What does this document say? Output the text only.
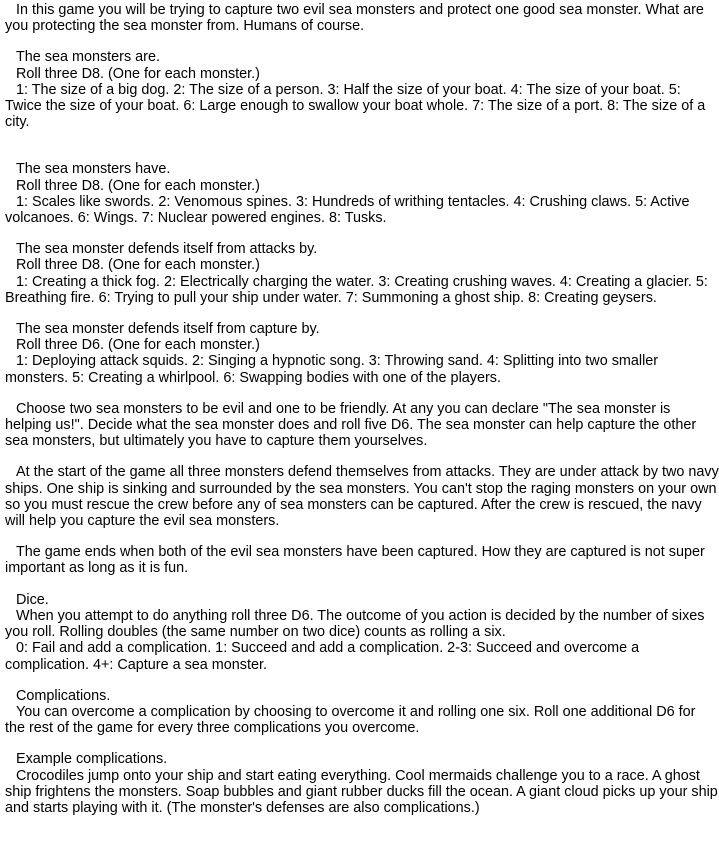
In this game you will be trying to capture two evil sea monsters and protect one good sea monster. What are you protecting the sea monster from. Humans of course.
The sea monsters are.
Roll three D8. (One for each monster.)
1: The size of a big dog. 2: The size of a person. 3: Half the size of your boat. 4: The size of your boat. 5: Twice the size of your boat. 6: Large enough to swallow your boat whole. 7: The size of a port. 8: The size of a city.
The sea monsters have.
Roll three D8. (One for each monster.)
1: Scales like swords. 2: Venomous spines. 3: Hundreds of writhing tentacles. 4: Crushing claws. 5: Active volcanoes. 6: Wings. 7: Nuclear powered engines. 8: Tusks.
The sea monster defends itself from attacks by.
Roll three D8. (One for each monster.)
1: Creating a thick fog. 2: Electrically charging the water. 3: Creating crushing waves. 4: Creating a glacier. 5: Breathing fire. 6: Trying to pull your ship under water. 7: Summoning a ghost ship. 8: Creating geysers.
The sea monster defends itself from capture by.
Roll three D6. (One for each monster.)
1: Deploying attack squids. 2: Singing a hypnotic song. 3: Throwing sand. 4: Splitting into two smaller monsters. 5: Creating a whirlpool. 6: Swapping bodies with one of the players.
Choose two sea monsters to be evil and one to be friendly. At any you can declare "The sea monster is helping us!". Decide what the sea monster does and roll five D6. The sea monster can help capture the other sea monsters, but ultimately you have to capture them yourselves.
At the start of the game all three monsters defend themselves from attacks. They are under attack by two navy ships. One ship is sinking and surrounded by the sea monsters. You can't stop the raging monsters on your own so you must rescue the crew before any of sea monsters can be captured. After the crew is rescued, the navy will help you capture the evil sea monsters.
The game ends when both of the evil sea monsters have been captured. How they are captured is not super important as long as it is fun.
Dice.
When you attempt to do anything roll three D6. The outcome of you action is decided by the number of sixes you roll. Rolling doubles (the same number on two dice) counts as rolling a six.
0: Fail and add a complication. 1: Succeed and add a complication. 2-3: Succeed and overcome a complication. 4+: Capture a sea monster.
Complications.
You can overcome a complication by choosing to overcome it and rolling one six. Roll one additional D6 for the rest of the game for every three complications you overcome.
Example complications.
Crocodiles jump onto your ship and start eating everything. Cool mermaids challenge you to a race. A ghost ship frightens the monsters. Soap bubbles and giant rubber ducks fill the ocean. A giant cloud picks up your ship and starts playing with it. (The monster's defenses are also complications.)
